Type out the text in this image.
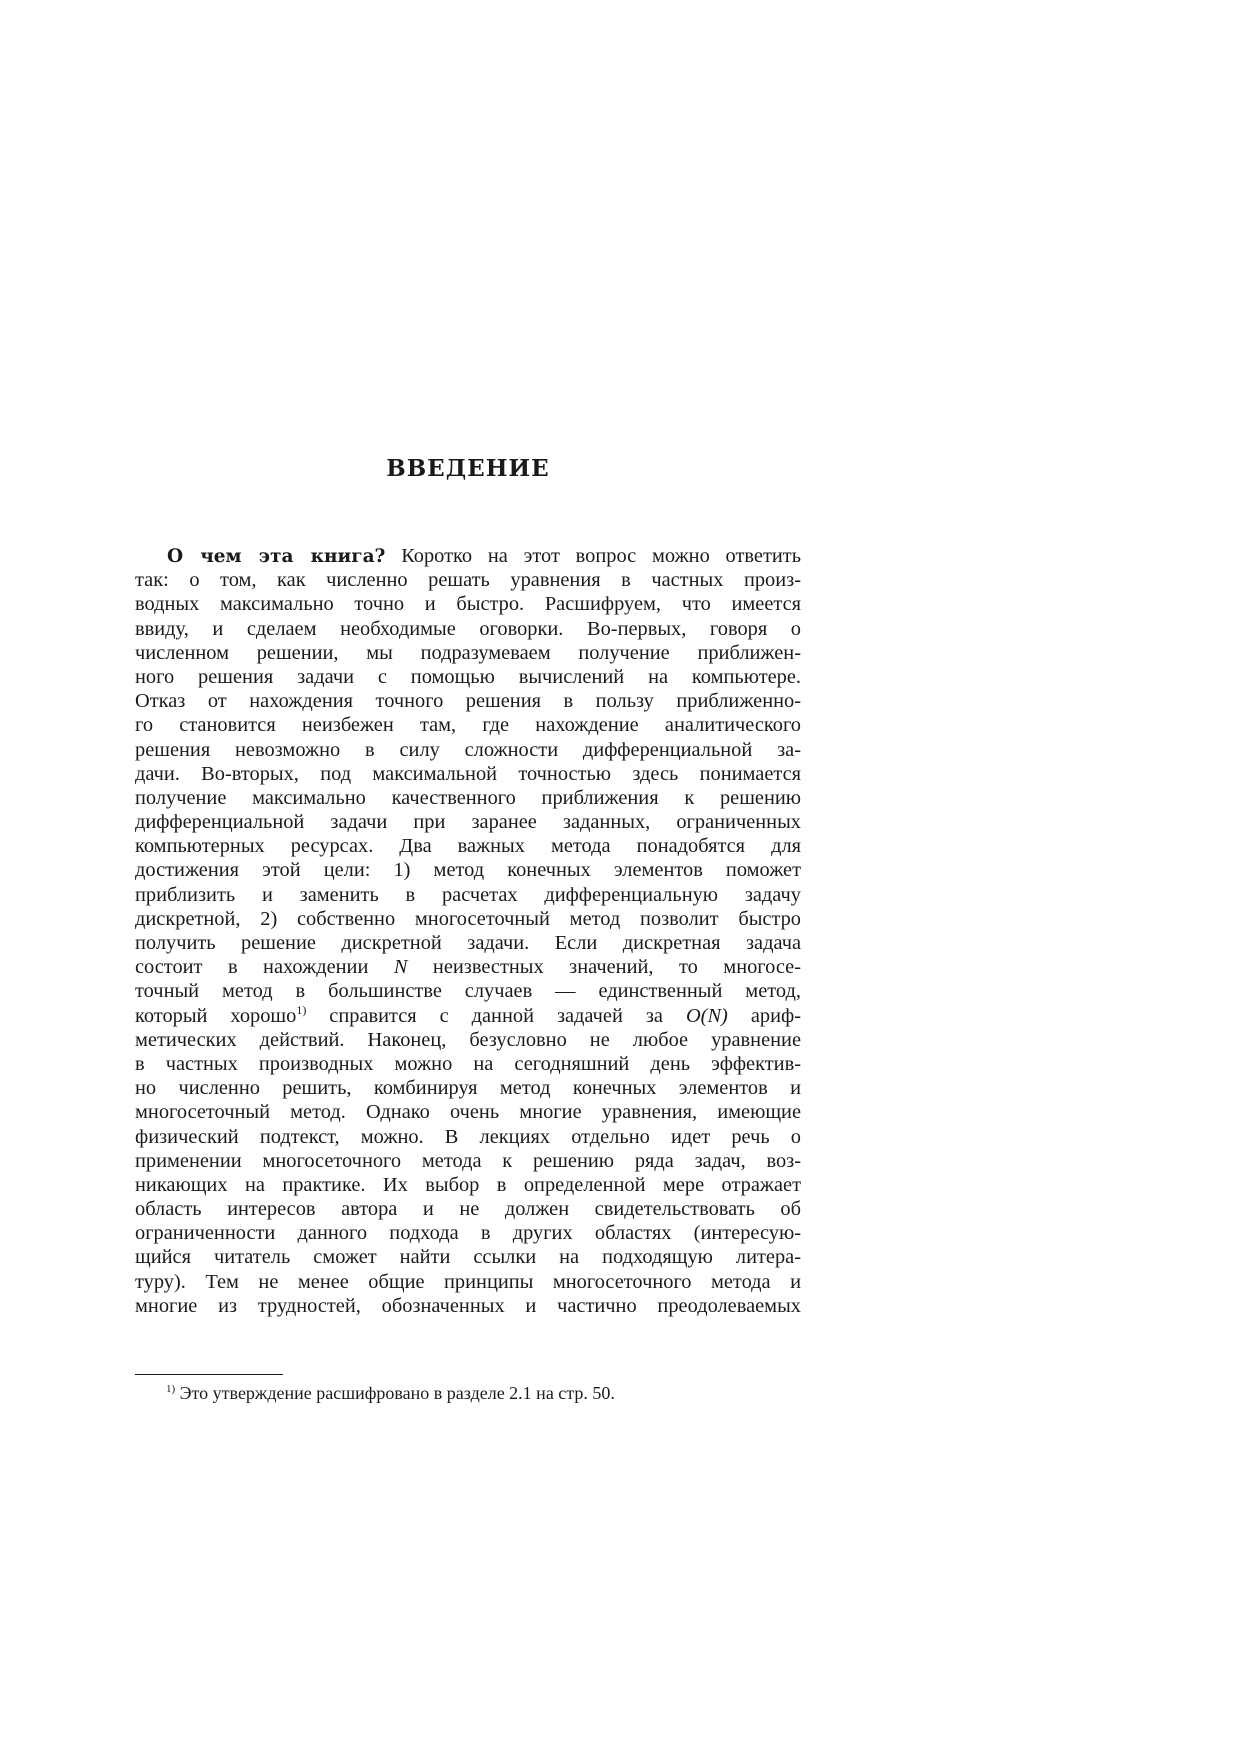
ВВЕДЕНИЕ
О чем эта книга? Коротко на этот вопрос можно ответить
так: о том, как численно решать уравнения в частных произ-
водных максимально точно и быстро. Расшифруем, что имеется
ввиду, и сделаем необходимые оговорки. Во-первых, говоря о
численном решении, мы подразумеваем получение приближен-
ного решения задачи с помощью вычислений на компьютере.
Отказ от нахождения точного решения в пользу приближенно-
го становится неизбежен там, где нахождение аналитического
решения невозможно в силу сложности дифференциальной за-
дачи. Во-вторых, под максимальной точностью здесь понимается
получение максимально качественного приближения к решению
дифференциальной задачи при заранее заданных, ограниченных
компьютерных ресурсах. Два важных метода понадобятся для
достижения этой цели: 1) метод конечных элементов поможет
приблизить и заменить в расчетах дифференциальную задачу
дискретной, 2) собственно многосеточный метод позволит быстро
получить решение дискретной задачи. Если дискретная задача
состоит в нахождении N неизвестных значений, то многосе-
точный метод в большинстве случаев — единственный метод,
который хорошо$^{1)}$ справится с данной задачей за O(N) ариф-
метических действий. Наконец, безусловно не любое уравнение
в частных производных можно на сегодняшний день эффектив-
но численно решить, комбинируя метод конечных элементов и
многосеточный метод. Однако очень многие уравнения, имеющие
физический подтекст, можно. В лекциях отдельно идет речь о
применении многосеточного метода к решению ряда задач, воз-
никающих на практике. Их выбор в определенной мере отражает
область интересов автора и не должен свидетельствовать об
ограниченности данного подхода в других областях (интересую-
щийся читатель сможет найти ссылки на подходящую литера-
туру). Тем не менее общие принципы многосеточного метода и
многие из трудностей, обозначенных и частично преодолеваемых
$^{1)}$ Это утверждение расшифровано в разделе 2.1 на стр. 50.
